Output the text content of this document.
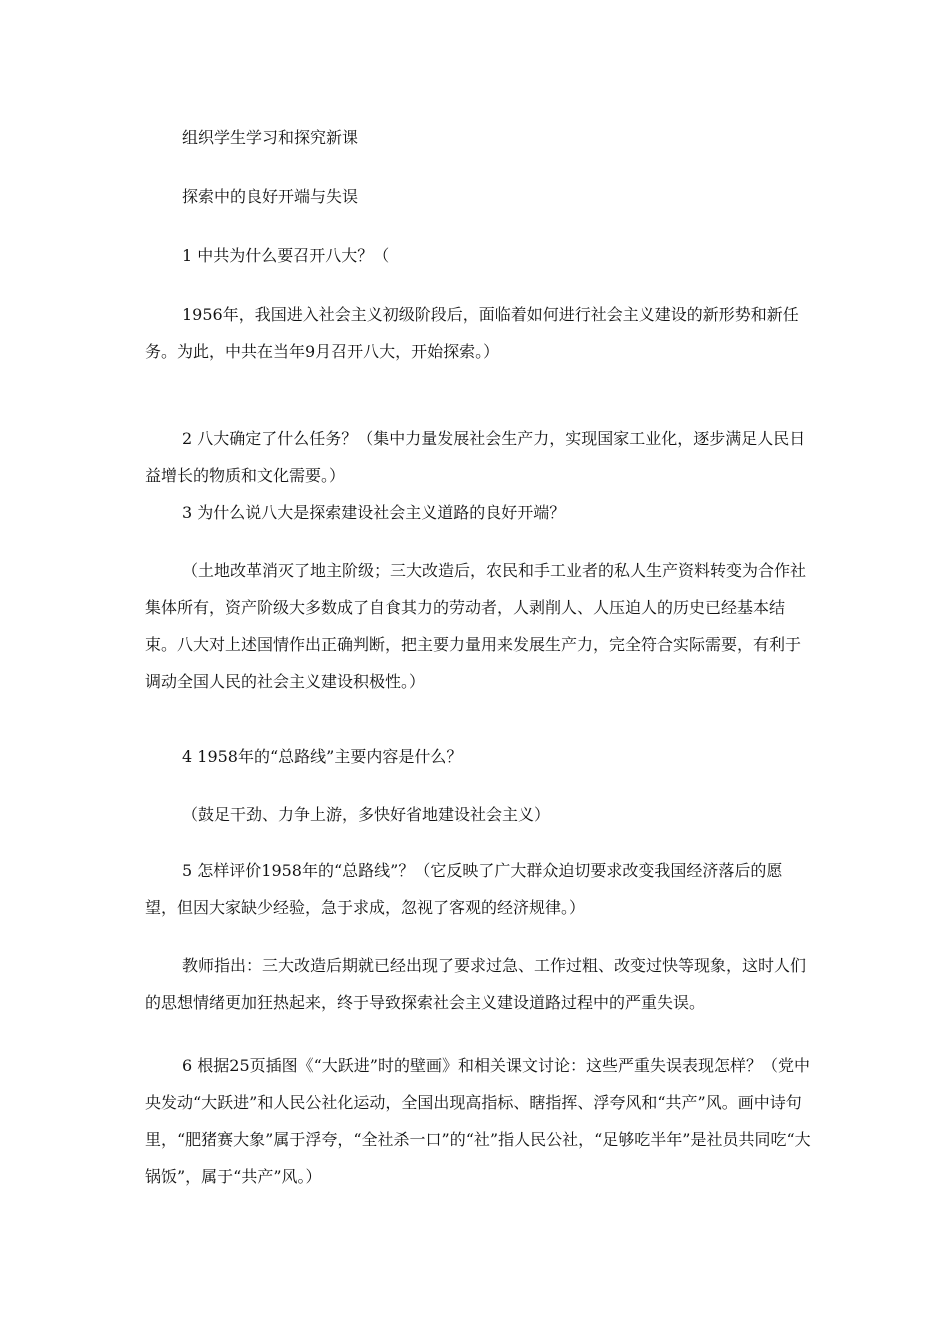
组织学生学习和探究新课

探索中的良好开端与失误

1 中共为什么要召开八大？（

1956年，我国进入社会主义初级阶段后，面临着如何进行社会主义建设的新形势和新任务。为此，中共在当年9月召开八大，开始探索。）

2 八大确定了什么任务？（集中力量发展社会生产力，实现国家工业化，逐步满足人民日益增长的物质和文化需要。）

3 为什么说八大是探索建设社会主义道路的良好开端？

（土地改革消灭了地主阶级；三大改造后，农民和手工业者的私人生产资料转变为合作社集体所有，资产阶级大多数成了自食其力的劳动者，人剥削人、人压迫人的历史已经基本结束。八大对上述国情作出正确判断，把主要力量用来发展生产力，完全符合实际需要，有利于调动全国人民的社会主义建设积极性。）

4 1958年的“总路线”主要内容是什么？

（鼓足干劲、力争上游，多快好省地建设社会主义）

5 怎样评价1958年的“总路线”？（它反映了广大群众迫切要求改变我国经济落后的愿望，但因大家缺少经验，急于求成，忽视了客观的经济规律。）

教师指出：三大改造后期就已经出现了要求过急、工作过粗、改变过快等现象，这时人们的思想情绪更加狂热起来，终于导致探索社会主义建设道路过程中的严重失误。

6 根据25页插图《“大跃进”时的壁画》和相关课文讨论：这些严重失误表现怎样？（党中央发动“大跃进”和人民公社化运动，全国出现高指标、瞎指挥、浮夸风和“共产”风。画中诗句里，“肥猪赛大象”属于浮夸，“全社杀一口”的“社”指人民公社，“足够吃半年”是社员共同吃“大锅饭”，属于“共产”风。）
